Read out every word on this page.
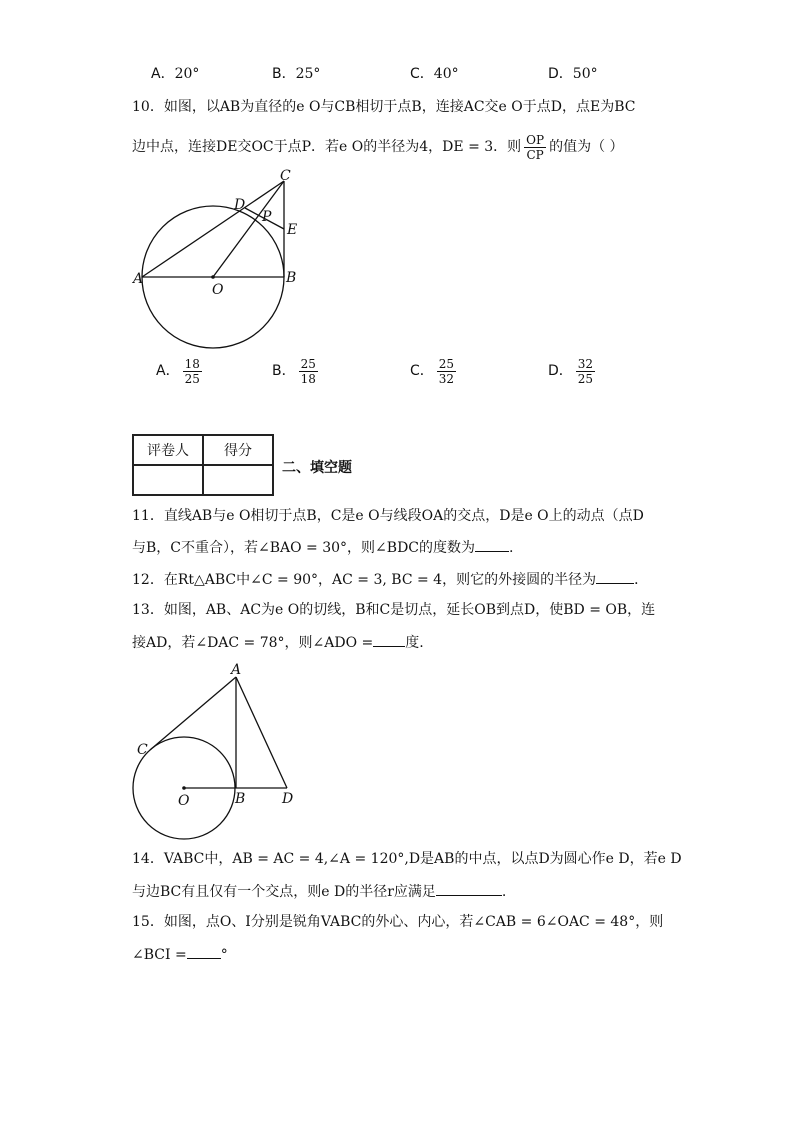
A．20°	B．25°	C．40°	D．50°
10．如图，以AB为直径的e O与CB相切于点B，连接AC交e O于点D，点E为BC
边中点，连接DE交OC于点P．若e O的半径为4，DE = 3．则 $\frac{OP}{CP}$ 的值为（ ）
C
D
P
E
A	B
O
A． $\frac{18}{25}$	B． $\frac{25}{18}$	C． $\frac{25}{32}$	D． $\frac{32}{25}$
评卷人	得分

二、填空题
11．直线AB与e O相切于点B，C是e O与线段OA的交点，D是e O上的动点（点D
与B，C不重合），若∠BAO = 30°，则∠BDC的度数为 .
12．在Rt△ABC中∠C = 90°，AC = 3, BC = 4，则它的外接圆的半径为	．
13．如图，AB、AC为e O的切线，B和C是切点，延长OB到点D，使BD = OB，连
接AD，若∠DAC = 78°，则∠ADO = 度.
A
C
O	B	D
14．VABC中，AB = AC = 4,∠A = 120°,D是AB的中点，以点D为圆心作e D，若e D
与边BC有且仅有一个交点，则e D的半径r应满足	.
15．如图，点O、I分别是锐角VABC的外心、内心，若∠CAB = 6∠OAC = 48°，则
∠BCI = °
